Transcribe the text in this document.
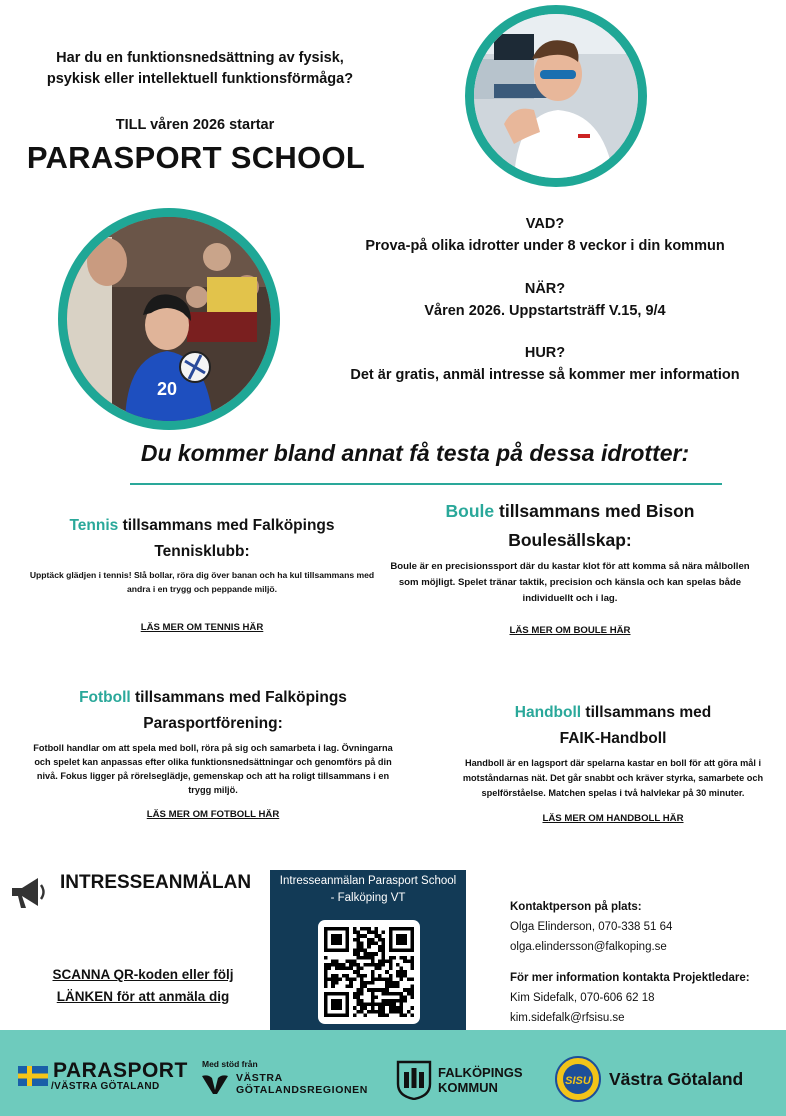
Har du en funktionsnedsättning av fysisk,
psykisk eller intellektuell funktionsförmåga?
TILL våren 2026 startar
PARASPORT SCHOOL
20
VAD?
Prova-på olika idrotter under 8 veckor i din kommun
NÄR?
Våren 2026. Uppstartsträff V.15, 9/4
HUR?
Det är gratis, anmäl intresse så kommer mer information
Du kommer bland annat få testa på dessa idrotter:
Tennis tillsammans med Falköpings
Tennisklubb:
Upptäck glädjen i tennis! Slå bollar, röra dig över banan och ha kul tillsammans med andra i en trygg och peppande miljö.
LÄS MER OM TENNIS HÄR
Boule tillsammans med Bison
Boulesällskap:
Boule är en precisionssport där du kastar klot för att komma så nära målbollen som möjligt. Spelet tränar taktik, precision och känsla och kan spelas både individuellt och i lag.
LÄS MER OM BOULE HÄR
Fotboll tillsammans med Falköpings
Parasportförening:
Fotboll handlar om att spela med boll, röra på sig och samarbeta i lag. Övningarna och spelet kan anpassas efter olika funktionsnedsättningar och genomförs på din nivå. Fokus ligger på rörelseglädje, gemenskap och att ha roligt tillsammans i en trygg miljö.
LÄS MER OM FOTBOLL HÄR
Handboll tillsammans med
FAIK-Handboll
Handboll är en lagsport där spelarna kastar en boll för att göra mål i motståndarnas nät. Det går snabbt och kräver styrka, samarbete och spelförståelse. Matchen spelas i två halvlekar på 30 minuter.
LÄS MER OM HANDBOLL HÄR
INTRESSEANMÄLAN
SCANNA QR-koden eller följ
LÄNKEN för att anmäla dig
Intresseanmälan Parasport School
- Falköping VT
Kontaktperson på plats:
Olga Elinderson, 070-338 51 64
olga.elindersson@falkoping.se
För mer information kontakta Projektledare:
Kim Sidefalk, 070-606 62 18
kim.sidefalk@rfsisu.se
PARASPORT
/VÄSTRA GÖTALAND
Med stöd från
VÄSTRA
GÖTALANDSREGIONEN
FALKÖPINGS
KOMMUN	SISU Västra Götaland
